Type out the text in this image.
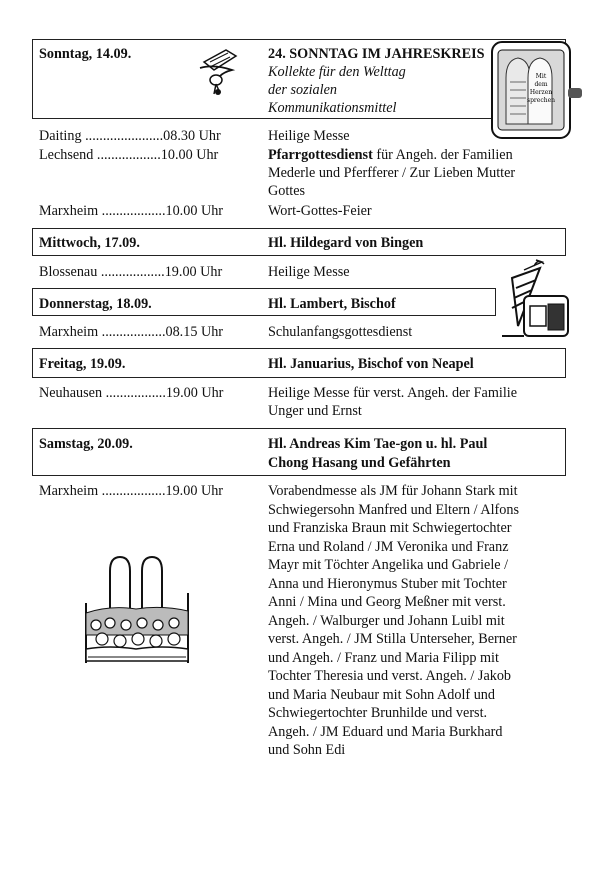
Sonntag, 14.09.	24. SONNTAG IM JAHRESKREIS
Kollekte für den Welttag
der sozialen
Kommunikationsmittel
Mit
dem
Herzen
sprechen
Daiting ......................08.30 Uhr	Heilige Messe
Lechsend ..................10.00 Uhr	Pfarrgottesdienst für Angeh. der Familien
Mederle und Pferfferer / Zur Lieben Mutter
Gottes
Marxheim ..................10.00 Uhr	Wort-Gottes-Feier
Mittwoch, 17.09.	Hl. Hildegard von Bingen
Blossenau ..................19.00 Uhr	Heilige Messe
Donnerstag, 18.09.	Hl. Lambert, Bischof
Marxheim ..................08.15 Uhr	Schulanfangsgottesdienst
Freitag, 19.09.	Hl. Januarius, Bischof von Neapel
Neuhausen .................19.00 Uhr	Heilige Messe für verst. Angeh. der Familie
Unger und Ernst
Samstag, 20.09.	Hl. Andreas Kim Tae-gon u. hl. Paul
Chong Hasang und Gefährten
Marxheim ..................19.00 Uhr	Vorabendmesse als JM für Johann Stark mit
Schwiegersohn Manfred und Eltern / Alfons
und Franziska Braun mit Schwiegertochter
Erna und Roland / JM Veronika und Franz
Mayr mit Töchter Angelika und Gabriele /
Anna und Hieronymus Stuber mit Tochter
Anni / Mina und Georg Meßner mit verst.
Angeh. / Walburger und Johann Luibl mit
verst. Angeh. / JM Stilla Unterseher, Berner
und Angeh. / Franz und Maria Filipp mit
Tochter Theresia und verst. Angeh. / Jakob
und Maria Neubaur mit Sohn Adolf und
Schwiegertochter Brunhilde und verst.
Angeh. / JM Eduard und Maria Burkhard
und Sohn Edi
